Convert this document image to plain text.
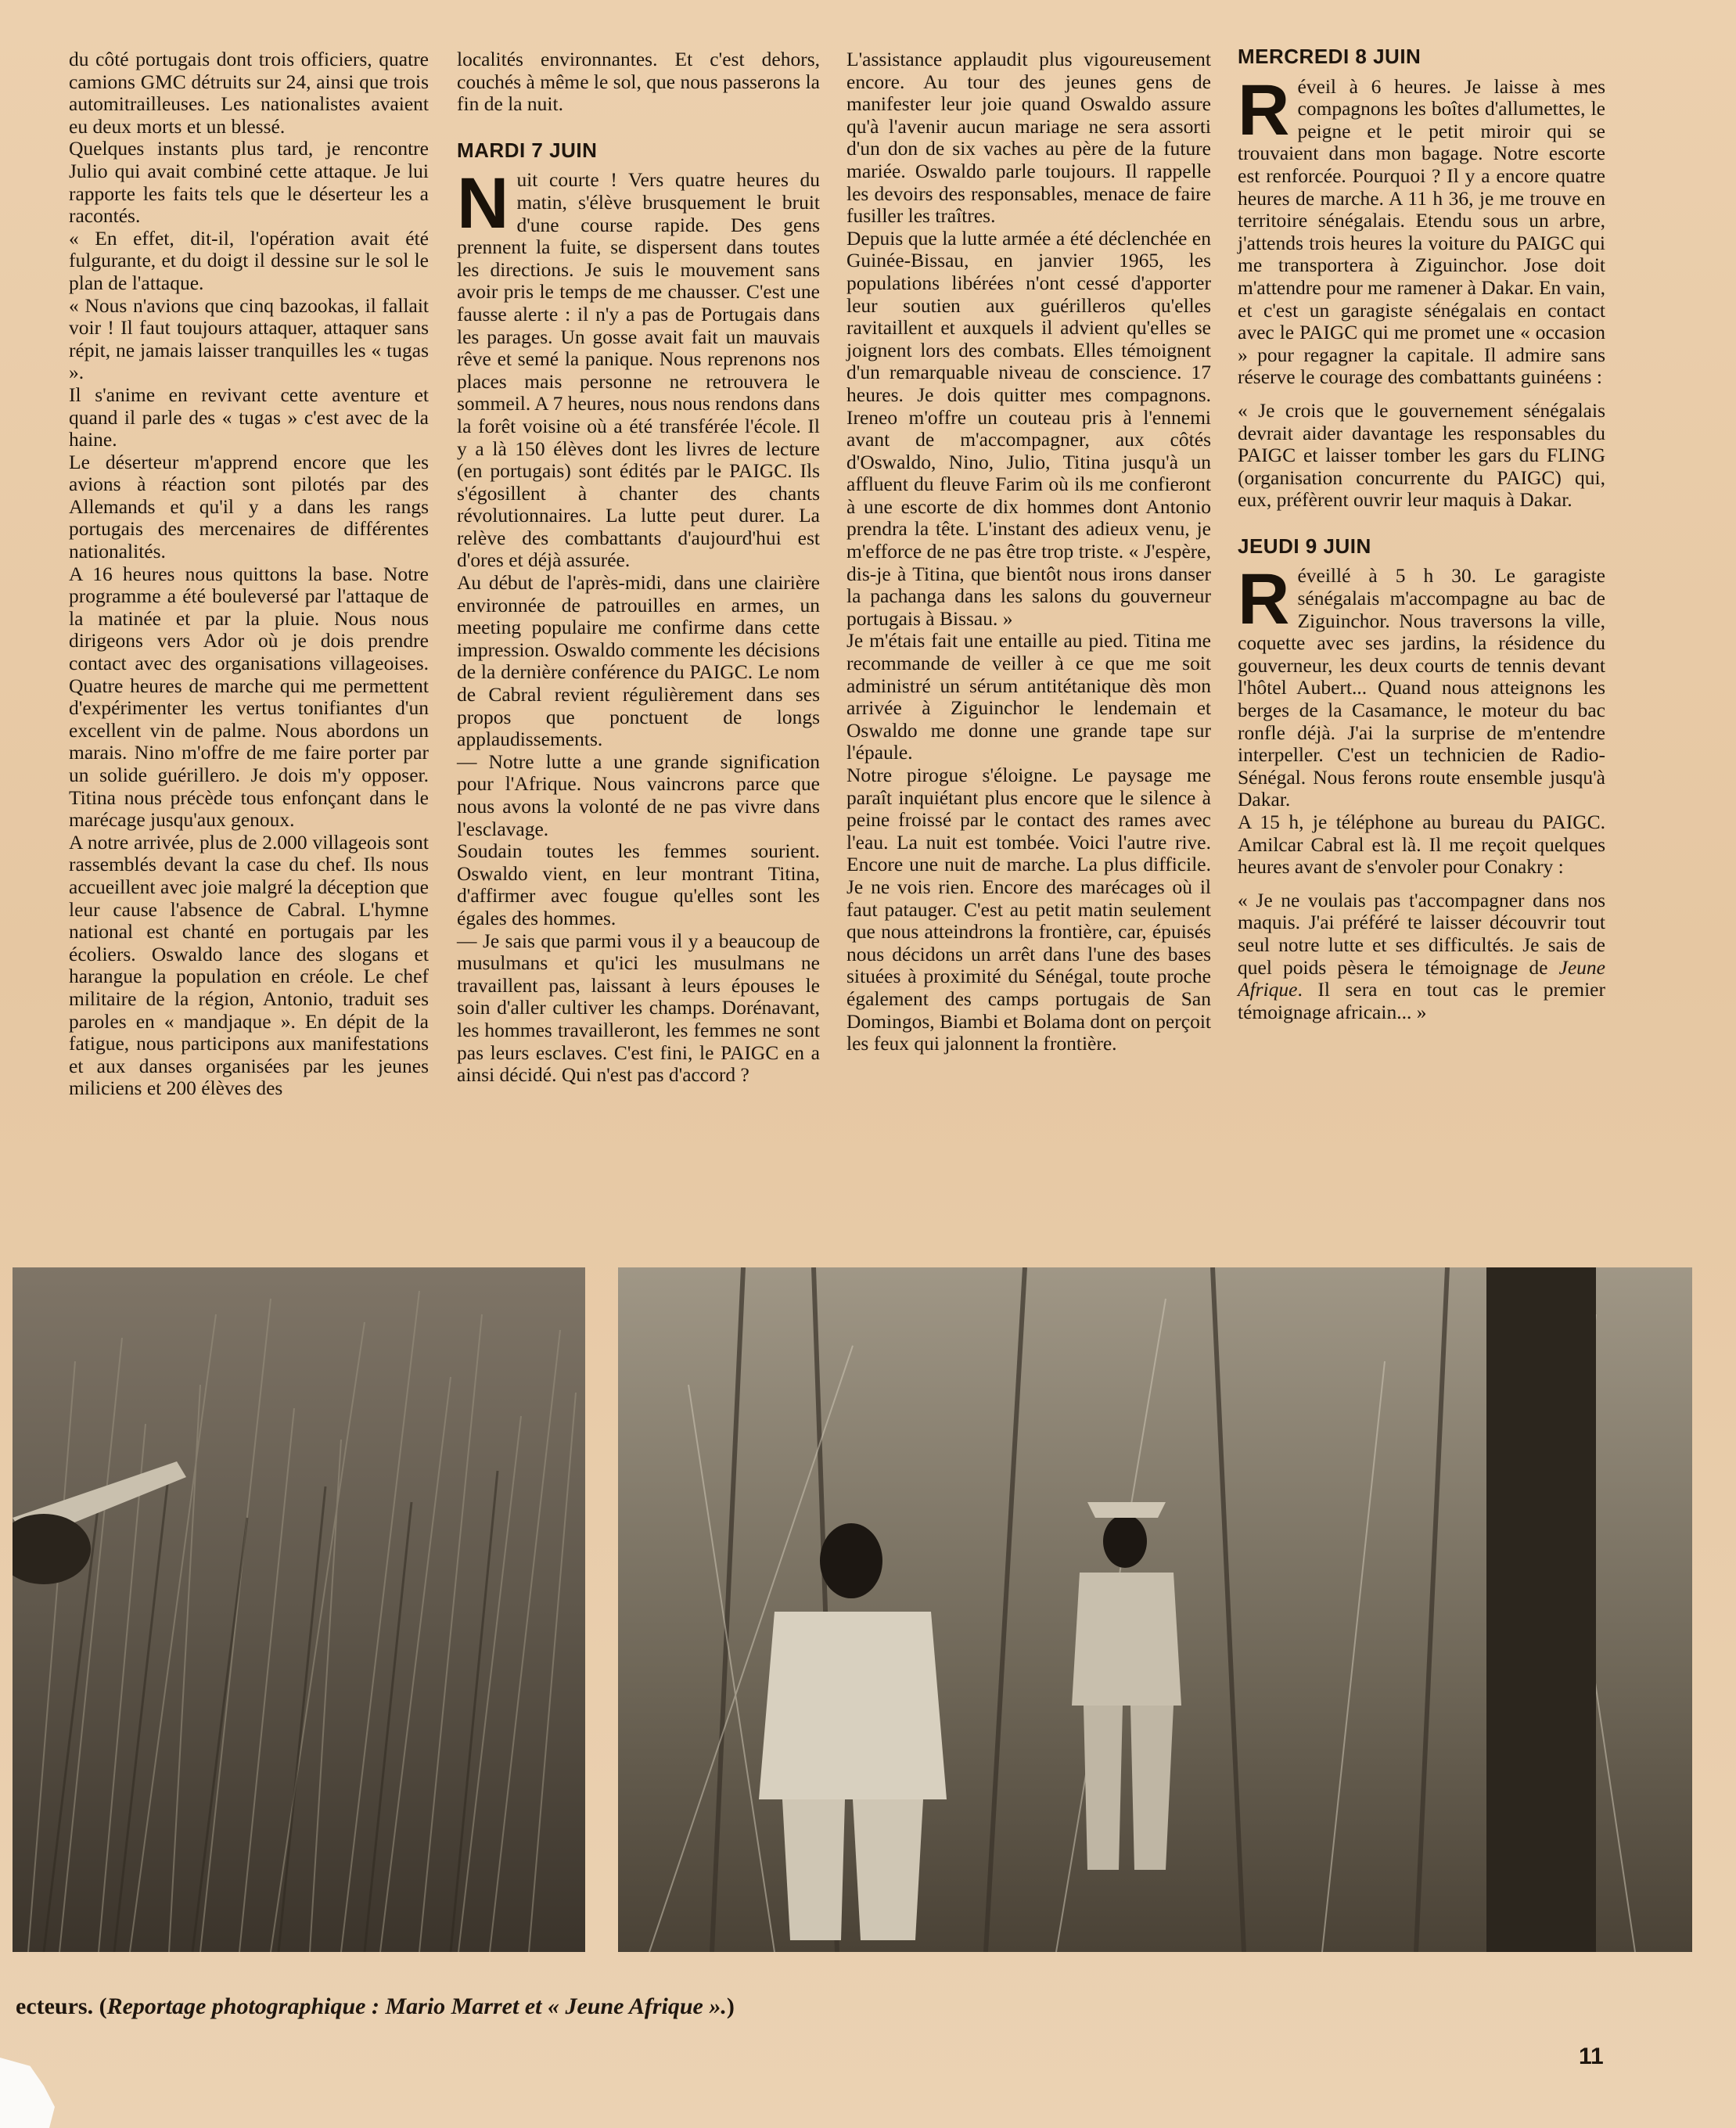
du côté portugais dont trois officiers, quatre camions GMC détruits sur 24, ainsi que trois automitrailleuses. Les nationalistes avaient eu deux morts et un blessé.

Quelques instants plus tard, je rencontre Julio qui avait combiné cette attaque. Je lui rapporte les faits tels que le déserteur les a racontés.

« En effet, dit-il, l'opération avait été fulgurante, et du doigt il dessine sur le sol le plan de l'attaque.

« Nous n'avions que cinq bazookas, il fallait voir ! Il faut toujours attaquer, attaquer sans répit, ne jamais laisser tranquilles les « tugas ».

Il s'anime en revivant cette aventure et quand il parle des « tugas » c'est avec de la haine.

Le déserteur m'apprend encore que les avions à réaction sont pilotés par des Allemands et qu'il y a dans les rangs portugais des mercenaires de différentes nationalités.

A 16 heures nous quittons la base. Notre programme a été bouleversé par l'attaque de la matinée et par la pluie. Nous nous dirigeons vers Ador où je dois prendre contact avec des organisations villageoises. Quatre heures de marche qui me permettent d'expérimenter les vertus tonifiantes d'un excellent vin de palme. Nous abordons un marais. Nino m'offre de me faire porter par un solide guérillero. Je dois m'y opposer. Titina nous précède tous enfonçant dans le marécage jusqu'aux genoux.

A notre arrivée, plus de 2.000 villageois sont rassemblés devant la case du chef. Ils nous accueillent avec joie malgré la déception que leur cause l'absence de Cabral. L'hymne national est chanté en portugais par les écoliers. Oswaldo lance des slogans et harangue la population en créole. Le chef militaire de la région, Antonio, traduit ses paroles en « mandjaque ». En dépit de la fatigue, nous participons aux manifestations et aux danses organisées par les jeunes miliciens et 200 élèves des

localités environnantes. Et c'est dehors, couchés à même le sol, que nous passerons la fin de la nuit.

MARDI 7 JUIN
N uit courte ! Vers quatre heures du matin, s'élève brusquement le bruit d'une course rapide. Des gens prennent la fuite, se dispersent dans toutes les directions. Je suis le mouvement sans avoir pris le temps de me chausser. C'est une fausse alerte : il n'y a pas de Portugais dans les parages. Un gosse avait fait un mauvais rêve et semé la panique. Nous reprenons nos places mais personne ne retrouvera le sommeil. A 7 heures, nous nous rendons dans la forêt voisine où a été transférée l'école. Il y a là 150 élèves dont les livres de lecture (en portugais) sont édités par le PAIGC. Ils s'égosillent à chanter des chants révolutionnaires. La lutte peut durer. La relève des combattants d'aujourd'hui est d'ores et déjà assurée.

Au début de l'après-midi, dans une clairière environnée de patrouilles en armes, un meeting populaire me confirme dans cette impression. Oswaldo commente les décisions de la dernière conférence du PAIGC. Le nom de Cabral revient régulièrement dans ses propos que ponctuent de longs applaudissements.

— Notre lutte a une grande signification pour l'Afrique. Nous vaincrons parce que nous avons la volonté de ne pas vivre dans l'esclavage.

Soudain toutes les femmes sourient. Oswaldo vient, en leur montrant Titina, d'affirmer avec fougue qu'elles sont les égales des hommes.

— Je sais que parmi vous il y a beaucoup de musulmans et qu'ici les musulmans ne travaillent pas, laissant à leurs épouses le soin d'aller cultiver les champs. Dorénavant, les hommes travailleront, les femmes ne sont pas leurs esclaves. C'est fini, le PAIGC en a ainsi décidé. Qui n'est pas d'accord ?

L'assistance applaudit plus vigoureusement encore. Au tour des jeunes gens de manifester leur joie quand Oswaldo assure qu'à l'avenir aucun mariage ne sera assorti d'un don de six vaches au père de la future mariée. Oswaldo parle toujours. Il rappelle les devoirs des responsables, menace de faire fusiller les traîtres.

Depuis que la lutte armée a été déclenchée en Guinée-Bissau, en janvier 1965, les populations libérées n'ont cessé d'apporter leur soutien aux guérilleros qu'elles ravitaillent et auxquels il advient qu'elles se joignent lors des combats. Elles témoignent d'un remarquable niveau de conscience. 17 heures. Je dois quitter mes compagnons. Ireneo m'offre un couteau pris à l'ennemi avant de m'accompagner, aux côtés d'Oswaldo, Nino, Julio, Titina jusqu'à un affluent du fleuve Farim où ils me confieront à une escorte de dix hommes dont Antonio prendra la tête. L'instant des adieux venu, je m'efforce de ne pas être trop triste. « J'espère, dis-je à Titina, que bientôt nous irons danser la pachanga dans les salons du gouverneur portugais à Bissau. »

Je m'étais fait une entaille au pied. Titina me recommande de veiller à ce que me soit administré un sérum antitétanique dès mon arrivée à Ziguinchor le lendemain et Oswaldo me donne une grande tape sur l'épaule.

Notre pirogue s'éloigne. Le paysage me paraît inquiétant plus encore que le silence à peine froissé par le contact des rames avec l'eau. La nuit est tombée. Voici l'autre rive. Encore une nuit de marche. La plus difficile. Je ne vois rien. Encore des marécages où il faut patauger. C'est au petit matin seulement que nous atteindrons la frontière, car, épuisés nous décidons un arrêt dans l'une des bases situées à proximité du Sénégal, toute proche également des camps portugais de San Domingos, Biambi et Bolama dont on perçoit les feux qui jalonnent la frontière.

MERCREDI 8 JUIN
R éveil à 6 heures. Je laisse à mes compagnons les boîtes d'allumettes, le peigne et le petit miroir qui se trouvaient dans mon bagage. Notre escorte est renforcée. Pourquoi ? Il y a encore quatre heures de marche. A 11 h 36, je me trouve en territoire sénégalais. Etendu sous un arbre, j'attends trois heures la voiture du PAIGC qui me transportera à Ziguinchor. Jose doit m'attendre pour me ramener à Dakar. En vain, et c'est un garagiste sénégalais en contact avec le PAIGC qui me promet une « occasion » pour regagner la capitale. Il admire sans réserve le courage des combattants guinéens :

« Je crois que le gouvernement sénégalais devrait aider davantage les responsables du PAIGC et laisser tomber les gars du FLING (organisation concurrente du PAIGC) qui, eux, préfèrent ouvrir leur maquis à Dakar.

JEUDI 9 JUIN
R éveillé à 5 h 30. Le garagiste sénégalais m'accompagne au bac de Ziguinchor. Nous traversons la ville, coquette avec ses jardins, la résidence du gouverneur, les deux courts de tennis devant l'hôtel Aubert... Quand nous atteignons les berges de la Casamance, le moteur du bac ronfle déjà. J'ai la surprise de m'entendre interpeller. C'est un technicien de Radio-Sénégal. Nous ferons route ensemble jusqu'à Dakar.

A 15 h, je téléphone au bureau du PAIGC. Amilcar Cabral est là. Il me reçoit quelques heures avant de s'envoler pour Conakry :

« Je ne voulais pas t'accompagner dans nos maquis. J'ai préféré te laisser découvrir tout seul notre lutte et ses difficultés. Je sais de quel poids pèsera le témoignage de Jeune Afrique. Il sera en tout cas le premier témoignage africain... »

ecteurs. (Reportage photographique : Mario Marret et « Jeune Afrique ».)
11
